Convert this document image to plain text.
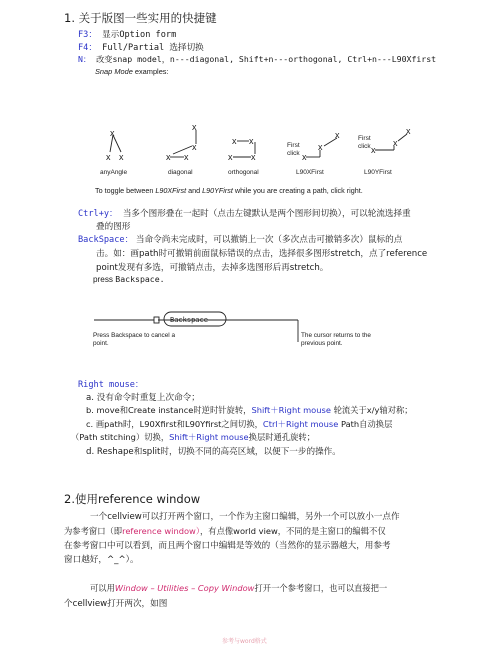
1. 关于版图一些实用的快捷键
F3： 显示Option form
F4： Full/Partial 选择切换
N： 改变snap model，n---diagonal, Shift+n---orthogonal, Ctrl+n---L90Xfirst
Snap Mode examples:
x
x x
x
x
x x
x x
x x
x
x
x
x
x
x
First
click
First
click
anyAngle	diagonal	orthogonal	L90XFirst	L90YFirst
To toggle between L90XFirst and L90YFirst while you are creating a path, click right.
Ctrl+y： 当多个图形叠在一起时（点击左键默认是两个图形间切换），可以轮流选择重
叠的图形
BackSpace： 当命令尚未完成时，可以撤销上一次（多次点击可撤销多次）鼠标的点
击。如：画path时可撤销前面鼠标错误的点击，选择很多图形stretch，点了reference
point发现有多选，可撤销点击，去掉多选图形后再stretch。
press Backspace.
Backspace
Press Backspace to cancel a
point.
The cursor returns to the
previous point.
Right mouse：
a. 没有命令时重复上次命令；
b. move和Create instance时逆时针旋转，Shift＋Right mouse 轮流关于x/y轴对称；
c. 画path时，L90Xfirst和L90Yfirst之间切换，Ctrl＋Right mouse Path自动换层
（Path stitching）切换，Shift＋Right mouse换层时通孔旋转；
d. Reshape和split时，切换不同的高亮区域，以便下一步的操作。
2.使用reference window
一个cellview可以打开两个窗口，一个作为主窗口编辑，另外一个可以放小一点作
为参考窗口（即reference window），有点像world view，不同的是主窗口的编辑不仅
在参考窗口中可以看到，而且两个窗口中编辑是等效的（当然你的显示器越大，用参考
窗口越好，^_^）。
可以用Window – Utilities – Copy Window打开一个参考窗口，也可以直接把一
个cellview打开两次，如图
参考与word格式
